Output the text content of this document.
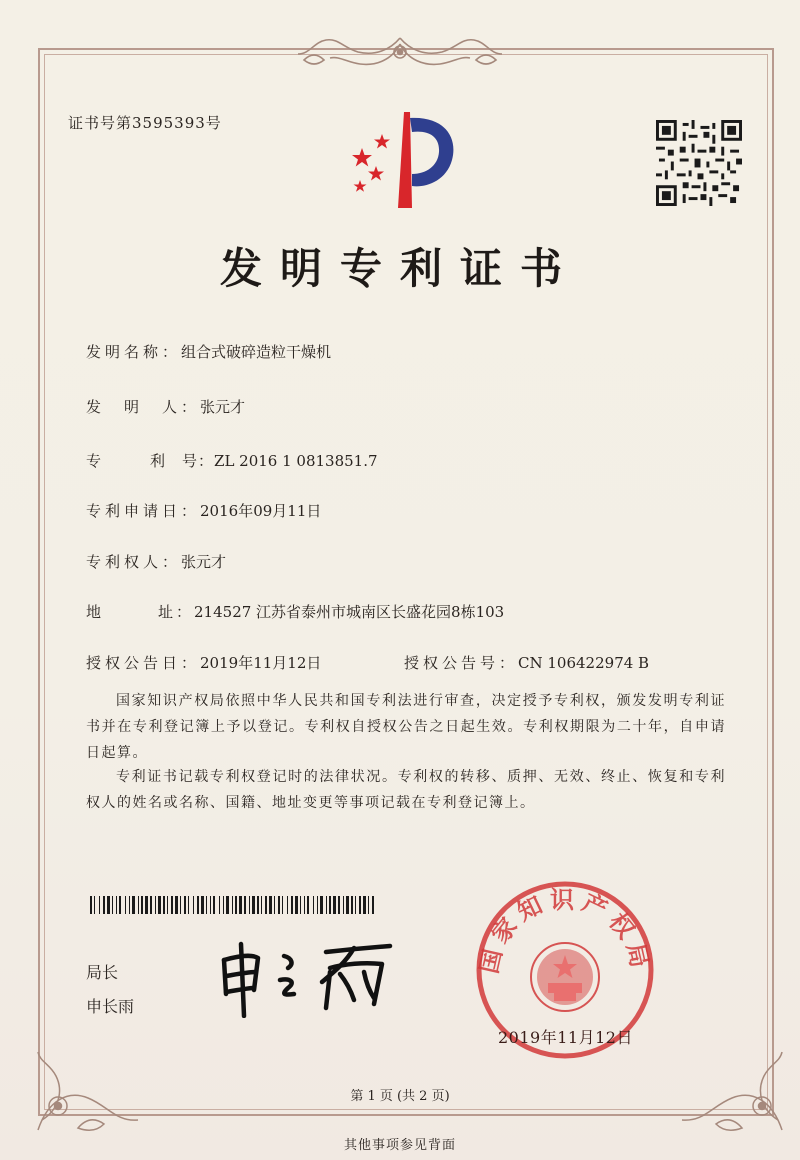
证书号第3595393号
发明专利证书
发明名称：组合式破碎造粒干燥机
发　明　人：张元才
专　　　利　号：ZL 2016 1 0813851.7
专利申请日：2016年09月11日
专利权人：张元才
地　　　址：214527 江苏省泰州市城南区长盛花园8栋103
授权公告日：2019年11月12日	授权公告号：CN 106422974 B
国家知识产权局依照中华人民共和国专利法进行审查，决定授予专利权，颁发发明专利证书并在专利登记簿上予以登记。专利权自授权公告之日起生效。专利权期限为二十年，自申请日起算。
专利证书记载专利权登记时的法律状况。专利权的转移、质押、无效、终止、恢复和专利权人的姓名或名称、国籍、地址变更等事项记载在专利登记簿上。
局长
申长雨
国家知识产权局
2019年11月12日
第 1 页 (共 2 页)
其他事项参见背面
